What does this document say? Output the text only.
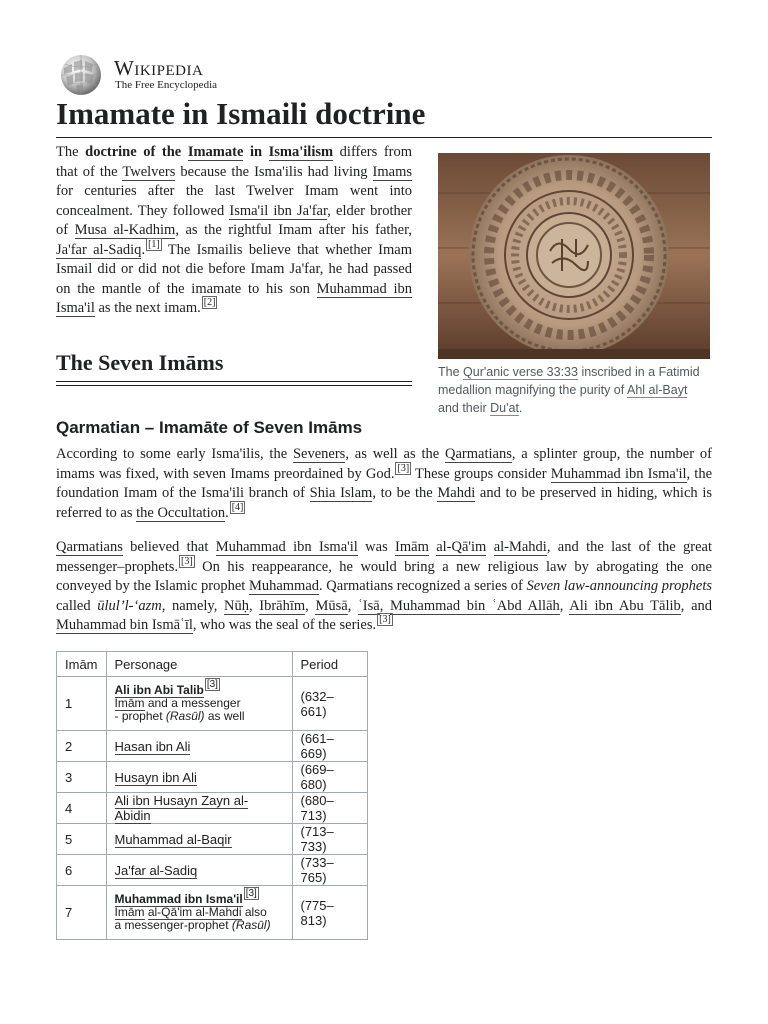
Wikipedia
The Free Encyclopedia
Imamate in Ismaili doctrine

The doctrine of the Imamate in Isma'ilism differs from that of the Twelvers because the Isma'ilis had living Imams for centuries after the last Twelver Imam went into concealment. They followed Isma'il ibn Ja'far, elder brother of Musa al-Kadhim, as the rightful Imam after his father, Ja'far al-Sadiq. [1] The Ismailis believe that whether Imam Ismail did or did not die before Imam Ja'far, he had passed on the mantle of the imamate to his son Muhammad ibn Isma'il as the next imam. [2]

The Qur'anic verse 33:33 inscribed in a Fatimid medallion magnifying the purity of Ahl al-Bayt and their Du'at.
The Seven Imāms
Qarmatian – Imamāte of Seven Imāms

According to some early Isma'ilis, the Seveners, as well as the Qarmatians, a splinter group, the number of imams was fixed, with seven Imams preordained by God. [3] These groups consider Muhammad ibn Isma'il, the foundation Imam of the Isma'ili branch of Shia Islam, to be the Mahdi and to be preserved in hiding, which is referred to as the Occultation. [4]

Qarmatians believed that Muhammad ibn Isma'il was Imām al-Qā'im al-Mahdi, and the last of the great messenger–prophets. [3] On his reappearance, he would bring a new religious law by abrogating the one conveyed by the Islamic prophet Muhammad. Qarmatians recognized a series of Seven law-announcing prophets called ūlul’l-‘azm, namely, Nūḥ, Ibrāhīm, Mūsā, ʿIsā, Muhammad bin ʿAbd Allāh, Ali ibn Abu Tālib, and Muhammad bin Ismāʿīl, who was the seal of the series. [3]

Imām	Personage	Period
1	Ali ibn Abi Talib [3]
Imām and a messenger
- prophet (Rasūl) as well	(632–661)
2	Hasan ibn Ali	(661–669)
3	Husayn ibn Ali	(669–680)
4	Ali ibn Husayn Zayn al-Abidin	(680–713)
5	Muhammad al-Baqir	(713–733)
6	Ja'far al-Sadiq	(733–765)
7	Muhammad ibn Isma'il [3]
Imām al-Qā'im al-Mahdi also
a messenger-prophet (Rasūl)	(775–813)
